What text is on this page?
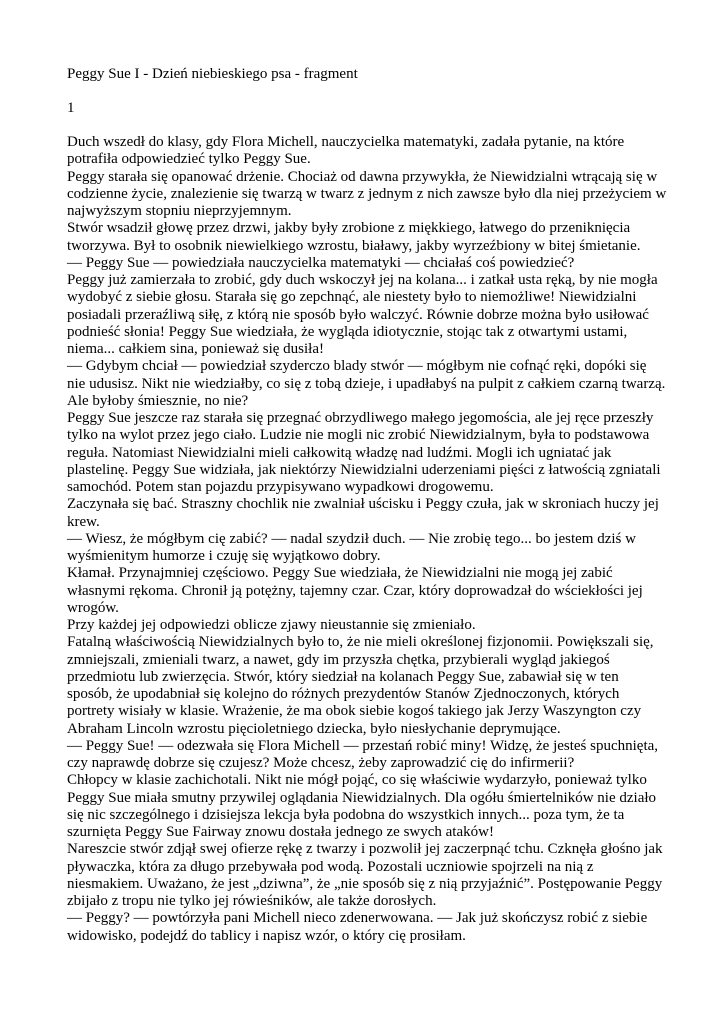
Peggy Sue I - Dzień niebieskiego psa - fragment

1

Duch wszedł do klasy, gdy Flora Michell, nauczycielka matematyki, zadała pytanie, na które potrafiła odpowiedzieć tylko Peggy Sue.

Peggy starała się opanować drżenie. Chociaż od dawna przywykła, że Niewidzialni wtrącają się w codzienne życie, znalezienie się twarzą w twarz z jednym z nich zawsze było dla niej przeżyciem w najwyższym stopniu nieprzyjemnym.

Stwór wsadził głowę przez drzwi, jakby były zrobione z miękkiego, łatwego do przeniknięcia tworzywa. Był to osobnik niewielkiego wzrostu, białawy, jakby wyrzeźbiony w bitej śmietanie.

— Peggy Sue — powiedziała nauczycielka matematyki — chciałaś coś powiedzieć?

Peggy już zamierzała to zrobić, gdy duch wskoczył jej na kolana... i zatkał usta ręką, by nie mogła wydobyć z siebie głosu. Starała się go zepchnąć, ale niestety było to niemożliwe! Niewidzialni posiadali przeraźliwą siłę, z którą nie sposób było walczyć. Równie dobrze można było usiłować podnieść słonia! Peggy Sue wiedziała, że wygląda idiotycznie, stojąc tak z otwartymi ustami, niema... całkiem sina, ponieważ się dusiła!

— Gdybym chciał — powiedział szyderczo blady stwór — mógłbym nie cofnąć ręki, dopóki się nie udusisz. Nikt nie wiedziałby, co się z tobą dzieje, i upadłabyś na pulpit z całkiem czarną twarzą. Ale byłoby śmiesznie, no nie?

Peggy Sue jeszcze raz starała się przegnać obrzydliwego małego jegomościa, ale jej ręce przeszły tylko na wylot przez jego ciało. Ludzie nie mogli nic zrobić Niewidzialnym, była to podstawowa reguła. Natomiast Niewidzialni mieli całkowitą władzę nad ludźmi. Mogli ich ugniatać jak plastelinę. Peggy Sue widziała, jak niektórzy Niewidzialni uderzeniami pięści z łatwością zgniatali samochód. Potem stan pojazdu przypisywano wypadkowi drogowemu.

Zaczynała się bać. Straszny chochlik nie zwalniał uścisku i Peggy czuła, jak w skroniach huczy jej krew.

— Wiesz, że mógłbym cię zabić? — nadal szydził duch. — Nie zrobię tego... bo jestem dziś w wyśmienitym humorze i czuję się wyjątkowo dobry.

Kłamał. Przynajmniej częściowo. Peggy Sue wiedziała, że Niewidzialni nie mogą jej zabić własnymi rękoma. Chronił ją potężny, tajemny czar. Czar, który doprowadzał do wściekłości jej wrogów.

Przy każdej jej odpowiedzi oblicze zjawy nieustannie się zmieniało.

Fatalną właściwością Niewidzialnych było to, że nie mieli określonej fizjonomii. Powiększali się, zmniejszali, zmieniali twarz, a nawet, gdy im przyszła chętka, przybierali wygląd jakiegoś przedmiotu lub zwierzęcia. Stwór, który siedział na kolanach Peggy Sue, zabawiał się w ten sposób, że upodabniał się kolejno do różnych prezydentów Stanów Zjednoczonych, których portrety wisiały w klasie. Wrażenie, że ma obok siebie kogoś takiego jak Jerzy Waszyngton czy Abraham Lincoln wzrostu pięcioletniego dziecka, było niesłychanie deprymujące.

— Peggy Sue! — odezwała się Flora Michell — przestań robić miny! Widzę, że jesteś spuchnięta, czy naprawdę dobrze się czujesz? Może chcesz, żeby zaprowadzić cię do infirmerii?

Chłopcy w klasie zachichotali. Nikt nie mógł pojąć, co się właściwie wydarzyło, ponieważ tylko Peggy Sue miała smutny przywilej oglądania Niewidzialnych. Dla ogółu śmiertelników nie działo się nic szczególnego i dzisiejsza lekcja była podobna do wszystkich innych... poza tym, że ta szurnięta Peggy Sue Fairway znowu dostała jednego ze swych ataków!

Nareszcie stwór zdjął swej ofierze rękę z twarzy i pozwolił jej zaczerpnąć tchu. Czknęła głośno jak pływaczka, która za długo przebywała pod wodą. Pozostali uczniowie spojrzeli na nią z niesmakiem. Uważano, że jest „dziwna”, że „nie sposób się z nią przyjaźnić”. Postępowanie Peggy zbijało z tropu nie tylko jej rówieśników, ale także dorosłych.

— Peggy? — powtórzyła pani Michell nieco zdenerwowana. — Jak już skończysz robić z siebie widowisko, podejdź do tablicy i napisz wzór, o który cię prosiłam.
